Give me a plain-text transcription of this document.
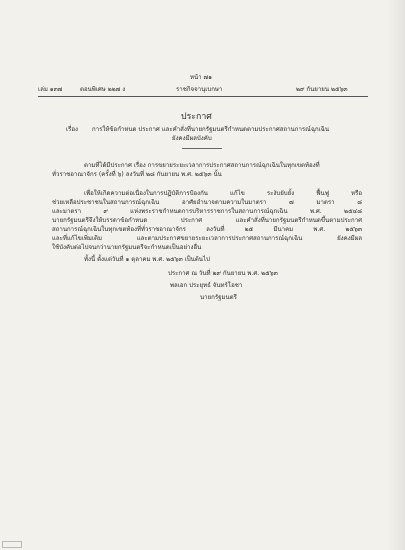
หน้า ๗๑
เล่ม ๑๓๗	ตอนพิเศษ ๒๒๗ ง	ราชกิจจานุเบกษา	๒๙ กันยายน ๒๕๖๓
ประกาศ
เรื่อง การให้ข้อกำหนด ประกาศ และคำสั่งที่นายกรัฐมนตรีกำหนดตามประกาศสถานการณ์ฉุกเฉิน
ยังคงมีผลบังคับ
ตามที่ได้มีประกาศ เรื่อง การขยายระยะเวลาการประกาศสถานการณ์ฉุกเฉินในทุกเขตท้องที่
ทั่วราชอาณาจักร (ครั้งที่ ๖) ลงวันที่ ๒๘ กันยายน พ.ศ. ๒๕๖๓ นั้น
เพื่อให้เกิดความต่อเนื่องในการปฏิบัติการป้องกัน แก้ไข ระงับยับยั้ง ฟื้นฟู หรือ
ช่วยเหลือประชาชนในสถานการณ์ฉุกเฉิน อาศัยอำนาจตามความในมาตรา ๗ มาตรา ๘
และมาตรา ๙ แห่งพระราชกำหนดการบริหารราชการในสถานการณ์ฉุกเฉิน พ.ศ. ๒๕๔๘
นายกรัฐมนตรีจึงให้บรรดาข้อกำหนด ประกาศ และคำสั่งที่นายกรัฐมนตรีกำหนดขึ้นตามประกาศ
สถานการณ์ฉุกเฉินในทุกเขตท้องที่ทั่วราชอาณาจักร ลงวันที่ ๒๕ มีนาคม พ.ศ. ๒๕๖๓
และที่แก้ไขเพิ่มเติม และตามประกาศขยายระยะเวลาการประกาศสถานการณ์ฉุกเฉิน ยังคงมีผล
ใช้บังคับต่อไปจนกว่านายกรัฐมนตรีจะกำหนดเป็นอย่างอื่น
ทั้งนี้ ตั้งแต่วันที่ ๑ ตุลาคม พ.ศ. ๒๕๖๓ เป็นต้นไป
ประกาศ ณ วันที่ ๒๙ กันยายน พ.ศ. ๒๕๖๓
พลเอก ประยุทธ์ จันทร์โอชา
นายกรัฐมนตรี
